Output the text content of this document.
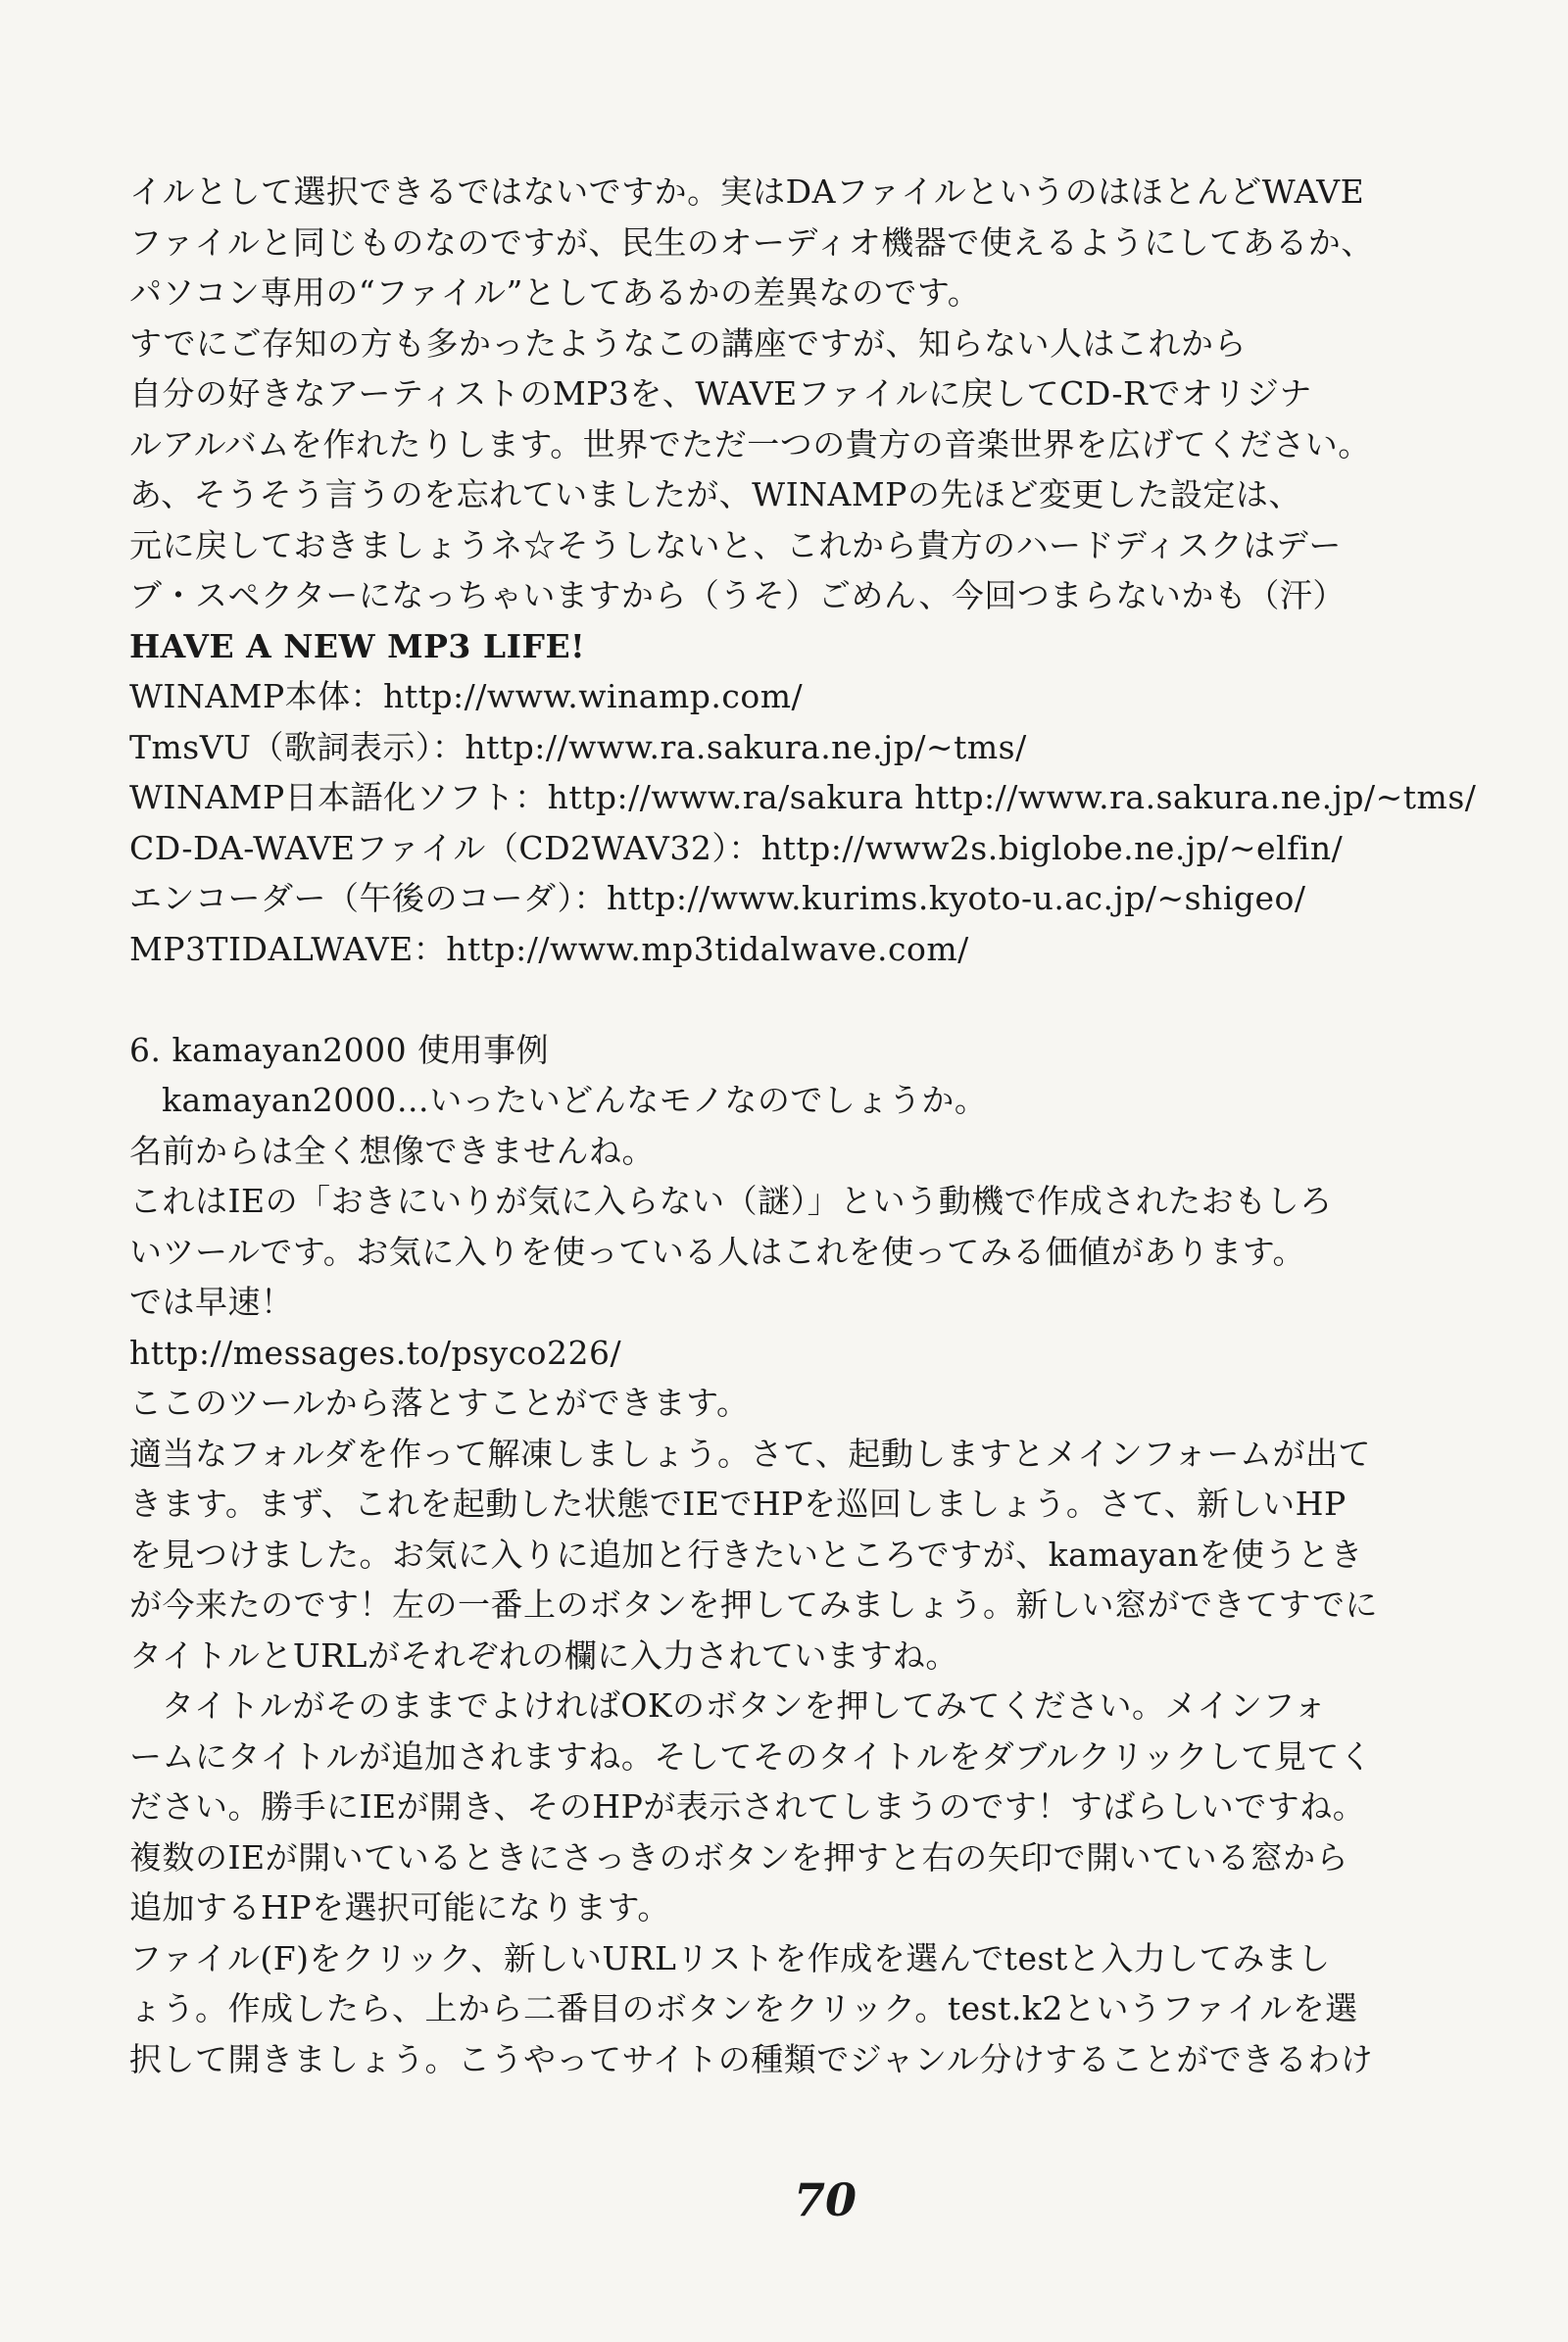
イルとして選択できるではないですか。実はDAファイルというのはほとんどWAVE
ファイルと同じものなのですが、民生のオーディオ機器で使えるようにしてあるか、
パソコン専用の“ファイル”としてあるかの差異なのです。
すでにご存知の方も多かったようなこの講座ですが、知らない人はこれから
自分の好きなアーティストのMP3を、WAVEファイルに戻してCD-Rでオリジナ
ルアルバムを作れたりします。世界でただ一つの貴方の音楽世界を広げてください。
あ、そうそう言うのを忘れていましたが、WINAMPの先ほど変更した設定は、
元に戻しておきましょうネ☆そうしないと、これから貴方のハードディスクはデー
ブ・スペクターになっちゃいますから（うそ）ごめん、今回つまらないかも（汗）
HAVE A NEW MP3 LIFE!
WINAMP本体：http://www.winamp.com/
TmsVU（歌詞表示）：http://www.ra.sakura.ne.jp/~tms/
WINAMP日本語化ソフト：http://www.ra/sakura http://www.ra.sakura.ne.jp/~tms/
CD-DA-WAVEファイル（CD2WAV32）：http://www2s.biglobe.ne.jp/~elfin/
エンコーダー（午後のコーダ）：http://www.kurims.kyoto-u.ac.jp/~shigeo/
MP3TIDALWAVE：http://www.mp3tidalwave.com/
6. kamayan2000 使用事例
kamayan2000…いったいどんなモノなのでしょうか。
名前からは全く想像できませんね。
これはIEの「おきにいりが気に入らない（謎）」という動機で作成されたおもしろ
いツールです。お気に入りを使っている人はこれを使ってみる価値があります。
では早速！
http://messages.to/psyco226/
ここのツールから落とすことができます。
適当なフォルダを作って解凍しましょう。さて、起動しますとメインフォームが出て
きます。まず、これを起動した状態でIEでHPを巡回しましょう。さて、新しいHP
を見つけました。お気に入りに追加と行きたいところですが、kamayanを使うとき
が今来たのです！左の一番上のボタンを押してみましょう。新しい窓ができてすでに
タイトルとURLがそれぞれの欄に入力されていますね。
タイトルがそのままでよければOKのボタンを押してみてください。メインフォ
ームにタイトルが追加されますね。そしてそのタイトルをダブルクリックして見てく
ださい。勝手にIEが開き、そのHPが表示されてしまうのです！すばらしいですね。
複数のIEが開いているときにさっきのボタンを押すと右の矢印で開いている窓から
追加するHPを選択可能になります。
ファイル(F)をクリック、新しいURLリストを作成を選んでtestと入力してみまし
ょう。作成したら、上から二番目のボタンをクリック。test.k2というファイルを選
択して開きましょう。こうやってサイトの種類でジャンル分けすることができるわけ
70
